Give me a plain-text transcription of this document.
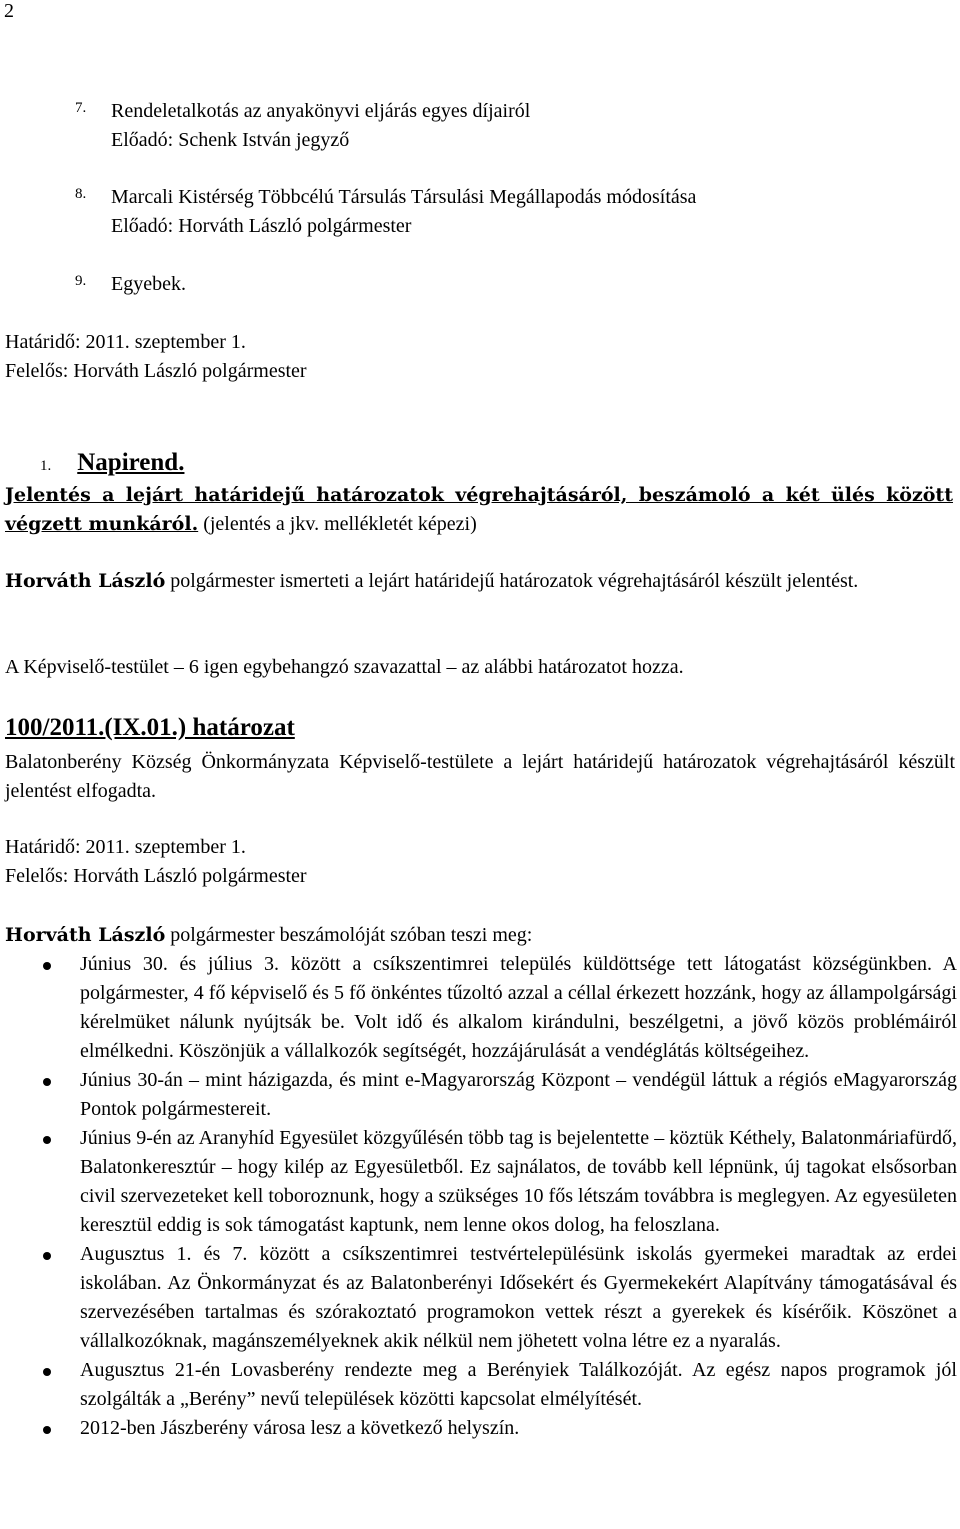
2
7. Rendeletalkotás az anyakönyvi eljárás egyes díjairól
Előadó: Schenk István jegyző
8. Marcali Kistérség Többcélú Társulás Társulási Megállapodás módosítása
Előadó: Horváth László polgármester
9. Egyebek.
Határidő: 2011. szeptember 1.
Felelős: Horváth László polgármester
1. Napirend.
Jelentés a lejárt határidejű határozatok végrehajtásáról, beszámoló a két ülés között
végzett munkáról. (jelentés a jkv. mellékletét képezi)
Horváth László polgármester ismerteti a lejárt határidejű határozatok végrehajtásáról készült jelentést.
A Képviselő-testület – 6 igen egybehangzó szavazattal – az alábbi határozatot hozza.
100/2011.(IX.01.) határozat
Balatonberény Község Önkormányzata Képviselő-testülete a lejárt határidejű határozatok végrehajtásáról készült jelentést elfogadta.
Határidő: 2011. szeptember 1.
Felelős: Horváth László polgármester
Horváth László polgármester beszámolóját szóban teszi meg:
Június 30. és július 3. között a csíkszentimrei település küldöttsége tett látogatást községünkben. A polgármester, 4 fő képviselő és 5 fő önkéntes tűzoltó azzal a céllal érkezett hozzánk, hogy az állampolgársági kérelmüket nálunk nyújtsák be. Volt idő és alkalom kirándulni, beszélgetni, a jövő közös problémáiról elmélkedni. Köszönjük a vállalkozók segítségét, hozzájárulását a vendéglátás költségeihez.
Június 30-án – mint házigazda, és mint e-Magyarország Központ – vendégül láttuk a régiós eMagyarország Pontok polgármestereit.
Június 9-én az Aranyhíd Egyesület közgyűlésén több tag is bejelentette – köztük Kéthely, Balatonmáriafürdő, Balatonkeresztúr – hogy kilép az Egyesületből. Ez sajnálatos, de tovább kell lépnünk, új tagokat elsősorban civil szervezeteket kell toboroznunk, hogy a szükséges 10 fős létszám továbbra is meglegyen. Az egyesületen keresztül eddig is sok támogatást kaptunk, nem lenne okos dolog, ha feloszlana.
Augusztus 1. és 7. között a csíkszentimrei testvértelepülésünk iskolás gyermekei maradtak az erdei iskolában. Az Önkormányzat és az Balatonberényi Idősekért és Gyermekekért Alapítvány támogatásával és szervezésében tartalmas és szórakoztató programokon vettek részt a gyerekek és kísérőik. Köszönet a vállalkozóknak, magánszemélyeknek akik nélkül nem jöhetett volna létre ez a nyaralás.
Augusztus 21-én Lovasberény rendezte meg a Berényiek Találkozóját. Az egész napos programok jól szolgálták a „Berény” nevű települések közötti kapcsolat elmélyítését.
2012-ben Jászberény városa lesz a következő helyszín.
